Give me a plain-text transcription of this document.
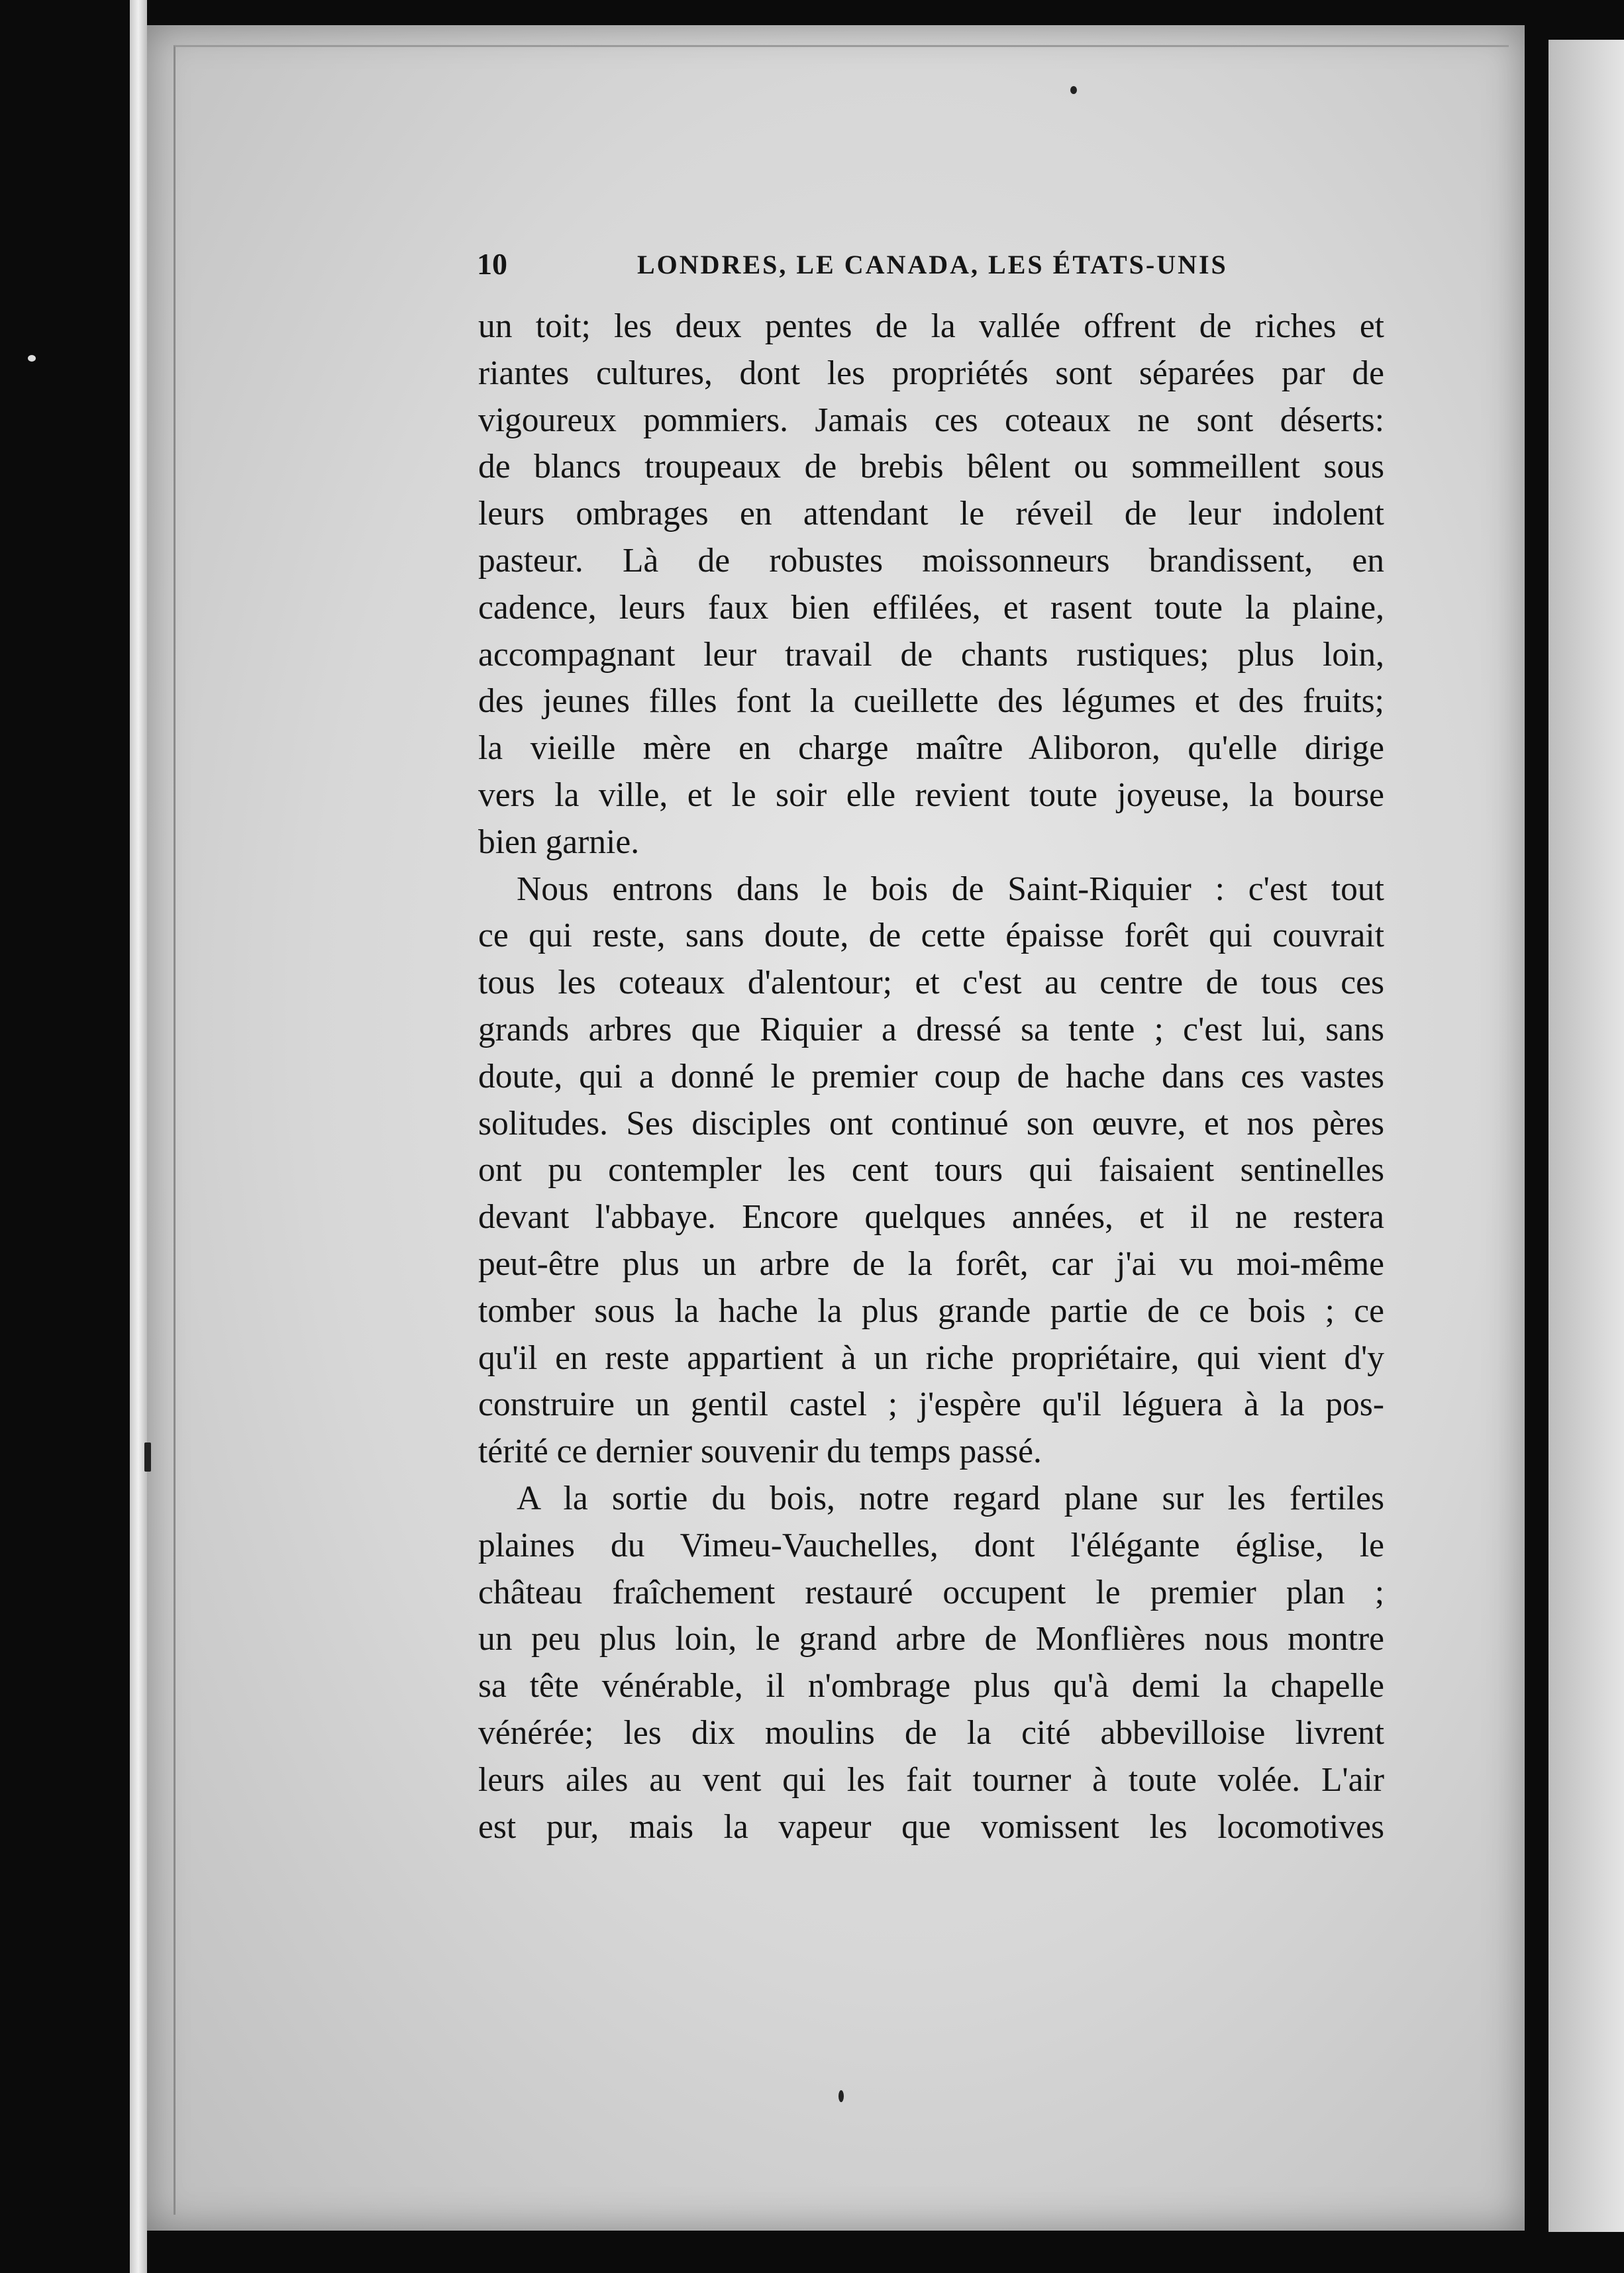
10	LONDRES, LE CANADA, LES ÉTATS-UNIS

un toit; les deux pentes de la vallée offrent de riches et
riantes cultures, dont les propriétés sont séparées par de
vigoureux pommiers. Jamais ces coteaux ne sont déserts:
de blancs troupeaux de brebis bêlent ou sommeillent sous
leurs ombrages en attendant le réveil de leur indolent
pasteur. Là de robustes moissonneurs brandissent, en
cadence, leurs faux bien effilées, et rasent toute la plaine,
accompagnant leur travail de chants rustiques; plus loin,
des jeunes filles font la cueillette des légumes et des fruits;
la vieille mère en charge maître Aliboron, qu'elle dirige
vers la ville, et le soir elle revient toute joyeuse, la bourse
bien garnie.

Nous entrons dans le bois de Saint-Riquier : c'est tout
ce qui reste, sans doute, de cette épaisse forêt qui couvrait
tous les coteaux d'alentour; et c'est au centre de tous ces
grands arbres que Riquier a dressé sa tente ; c'est lui, sans
doute, qui a donné le premier coup de hache dans ces vastes
solitudes. Ses disciples ont continué son œuvre, et nos pères
ont pu contempler les cent tours qui faisaient sentinelles
devant l'abbaye. Encore quelques années, et il ne restera
peut-être plus un arbre de la forêt, car j'ai vu moi-même
tomber sous la hache la plus grande partie de ce bois ; ce
qu'il en reste appartient à un riche propriétaire, qui vient d'y
construire un gentil castel ; j'espère qu'il léguera à la pos-
térité ce dernier souvenir du temps passé.

A la sortie du bois, notre regard plane sur les fertiles
plaines du Vimeu-Vauchelles, dont l'élégante église, le
château fraîchement restauré occupent le premier plan ;
un peu plus loin, le grand arbre de Monflières nous montre
sa tête vénérable, il n'ombrage plus qu'à demi la chapelle
vénérée; les dix moulins de la cité abbevilloise livrent
leurs ailes au vent qui les fait tourner à toute volée. L'air
est pur, mais la vapeur que vomissent les locomotives
